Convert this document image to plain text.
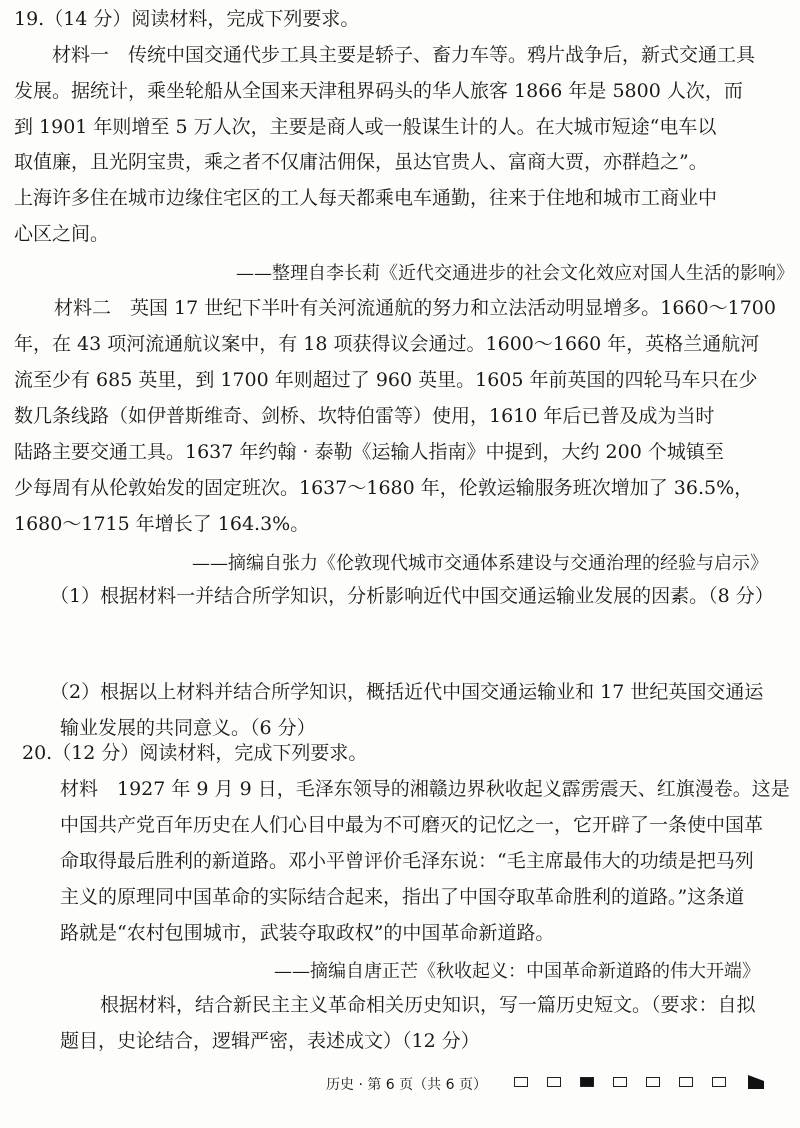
19.（14 分）阅读材料，完成下列要求。
材料一　传统中国交通代步工具主要是轿子、畜力车等。鸦片战争后，新式交通工具
发展。据统计，乘坐轮船从全国来天津租界码头的华人旅客 1866 年是 5800 人次，而
到 1901 年则增至 5 万人次，主要是商人或一般谋生计的人。在大城市短途“电车以
取值廉，且光阴宝贵，乘之者不仅庸沽佣保，虽达官贵人、富商大贾，亦群趋之”。
上海许多住在城市边缘住宅区的工人每天都乘电车通勤，往来于住地和城市工商业中
心区之间。
——整理自李长莉《近代交通进步的社会文化效应对国人生活的影响》
材料二　英国 17 世纪下半叶有关河流通航的努力和立法活动明显增多。1660～1700
年，在 43 项河流通航议案中，有 18 项获得议会通过。1600～1660 年，英格兰通航河
流至少有 685 英里，到 1700 年则超过了 960 英里。1605 年前英国的四轮马车只在少
数几条线路（如伊普斯维奇、剑桥、坎特伯雷等）使用，1610 年后已普及成为当时
陆路主要交通工具。1637 年约翰 · 泰勒《运输人指南》中提到，大约 200 个城镇至
少每周有从伦敦始发的固定班次。1637～1680 年，伦敦运输服务班次增加了 36.5%，
1680～1715 年增长了 164.3%。
——摘编自张力《伦敦现代城市交通体系建设与交通治理的经验与启示》
（1）根据材料一并结合所学知识，分析影响近代中国交通运输业发展的因素。（8 分）
（2）根据以上材料并结合所学知识，概括近代中国交通运输业和 17 世纪英国交通运
输业发展的共同意义。（6 分）
20.（12 分）阅读材料，完成下列要求。
材料　1927 年 9 月 9 日，毛泽东领导的湘赣边界秋收起义霹雳震天、红旗漫卷。这是
中国共产党百年历史在人们心目中最为不可磨灭的记忆之一，它开辟了一条使中国革
命取得最后胜利的新道路。邓小平曾评价毛泽东说：“毛主席最伟大的功绩是把马列
主义的原理同中国革命的实际结合起来，指出了中国夺取革命胜利的道路。”这条道
路就是“农村包围城市，武装夺取政权”的中国革命新道路。
——摘编自唐正芒《秋收起义：中国革命新道路的伟大开端》
根据材料，结合新民主主义革命相关历史知识，写一篇历史短文。（要求：自拟
历史 · 第 6 页（共 6 页）
题目，史论结合，逻辑严密，表述成文）（12 分）
